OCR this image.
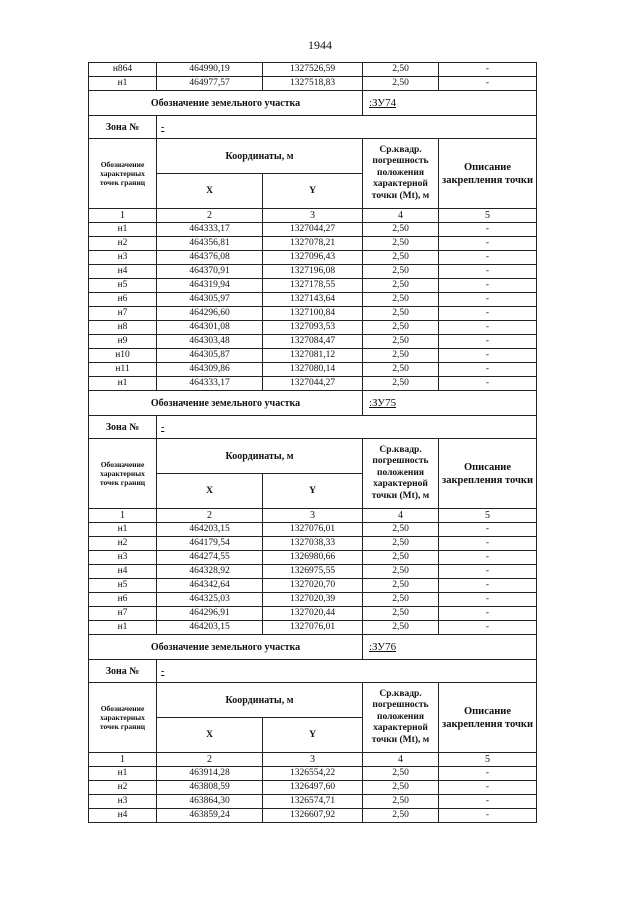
1944
н864	464990,19	1327526,59	2,50	-
н1	464977,57	1327518,83	2,50	-
Обозначение земельного участка			:ЗУ74	
Зона №	-			
Обозначение характерных точек границ	Координаты, м		Ср.квадр. погрешность положения характерной точки (Мt), м	Описание закрепления точки
	X	Y		
1	2	3	4	5
н1	464333,17	1327044,27	2,50	-
н2	464356,81	1327078,21	2,50	-
н3	464376,08	1327096,43	2,50	-
н4	464370,91	1327196,08	2,50	-
н5	464319,94	1327178,55	2,50	-
н6	464305,97	1327143,64	2,50	-
н7	464296,60	1327100,84	2,50	-
н8	464301,08	1327093,53	2,50	-
н9	464303,48	1327084,47	2,50	-
н10	464305,87	1327081,12	2,50	-
н11	464309,86	1327080,14	2,50	-
н1	464333,17	1327044,27	2,50	-
Обозначение земельного участка			:ЗУ75	
Зона №	-			
Обозначение характерных точек границ	Координаты, м		Ср.квадр. погрешность положения характерной точки (Мt), м	Описание закрепления точки
	X	Y		
1	2	3	4	5
н1	464203,15	1327076,01	2,50	-
н2	464179,54	1327038,33	2,50	-
н3	464274,55	1326980,66	2,50	-
н4	464328,92	1326975,55	2,50	-
н5	464342,64	1327020,70	2,50	-
н6	464325,03	1327020,39	2,50	-
н7	464296,91	1327020,44	2,50	-
н1	464203,15	1327076,01	2,50	-
Обозначение земельного участка			:ЗУ76	
Зона №	-			
Обозначение характерных точек границ	Координаты, м		Ср.квадр. погрешность положения характерной точки (Мt), м	Описание закрепления точки
	X	Y		
1	2	3	4	5
н1	463914,28	1326554,22	2,50	-
н2	463808,59	1326497,60	2,50	-
н3	463864,30	1326574,71	2,50	-
н4	463859,24	1326607,92	2,50	-
